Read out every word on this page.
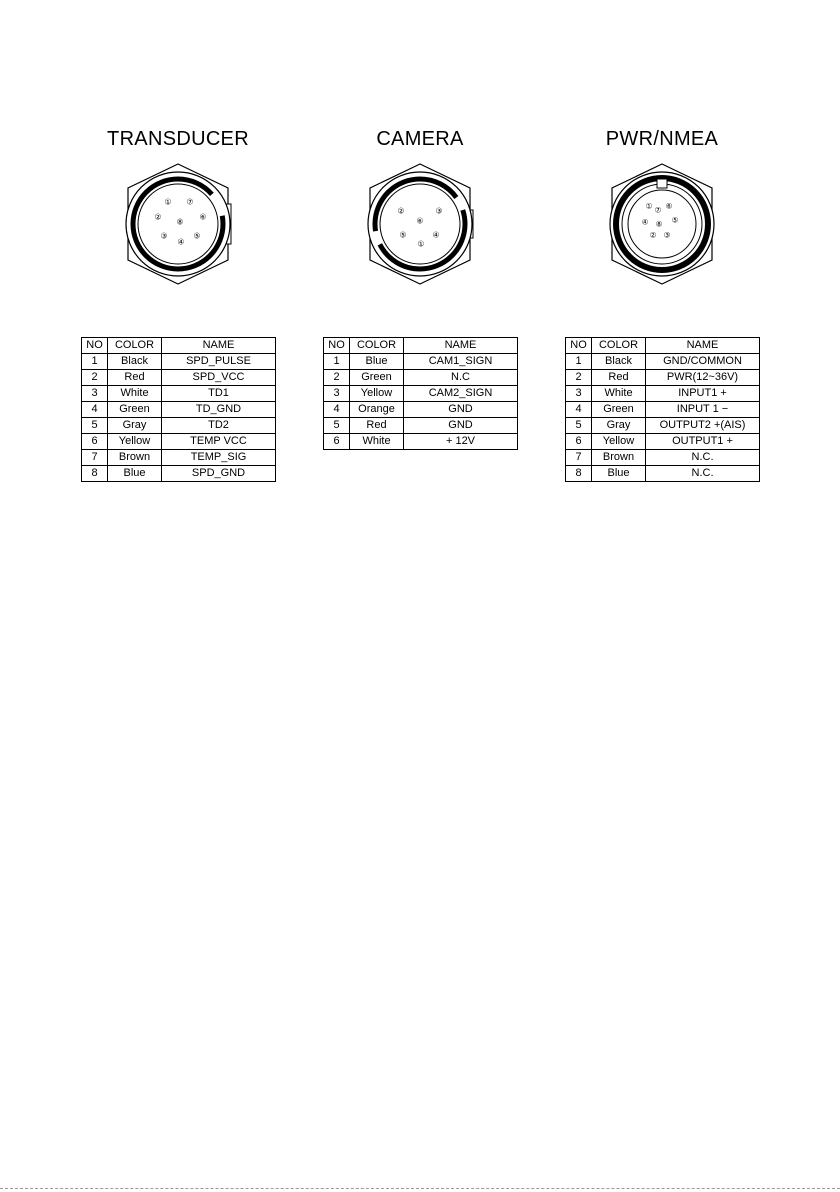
TRANSDUCER
① ⑦
②
⑧
⑥
③
④
⑤
NO	COLOR	NAME
1	Black	SPD_PULSE
2	Red	SPD_VCC
3	White	TD1
4	Green	TD_GND
5	Gray	TD2
6	Yellow	TEMP VCC
7	Brown	TEMP_SIG
8	Blue	SPD_GND
CAMERA
②	③
⑥
⑤	④
①
NO	COLOR	NAME
1	Blue	CAM1_SIGN
2	Green	N.C
3	Yellow	CAM2_SIGN
4	Orange	GND
5	Red	GND
6	White	+ 12V
PWR/NMEA
① ⑦ ⑥
④ ⑧ ⑤
② ③
NO	COLOR	NAME
1	Black	GND/COMMON
2	Red	PWR(12~36V)
3	White	INPUT1 +
4	Green	INPUT 1 −
5	Gray	OUTPUT2 +(AIS)
6	Yellow	OUTPUT1 +
7	Brown	N.C.
8	Blue	N.C.
